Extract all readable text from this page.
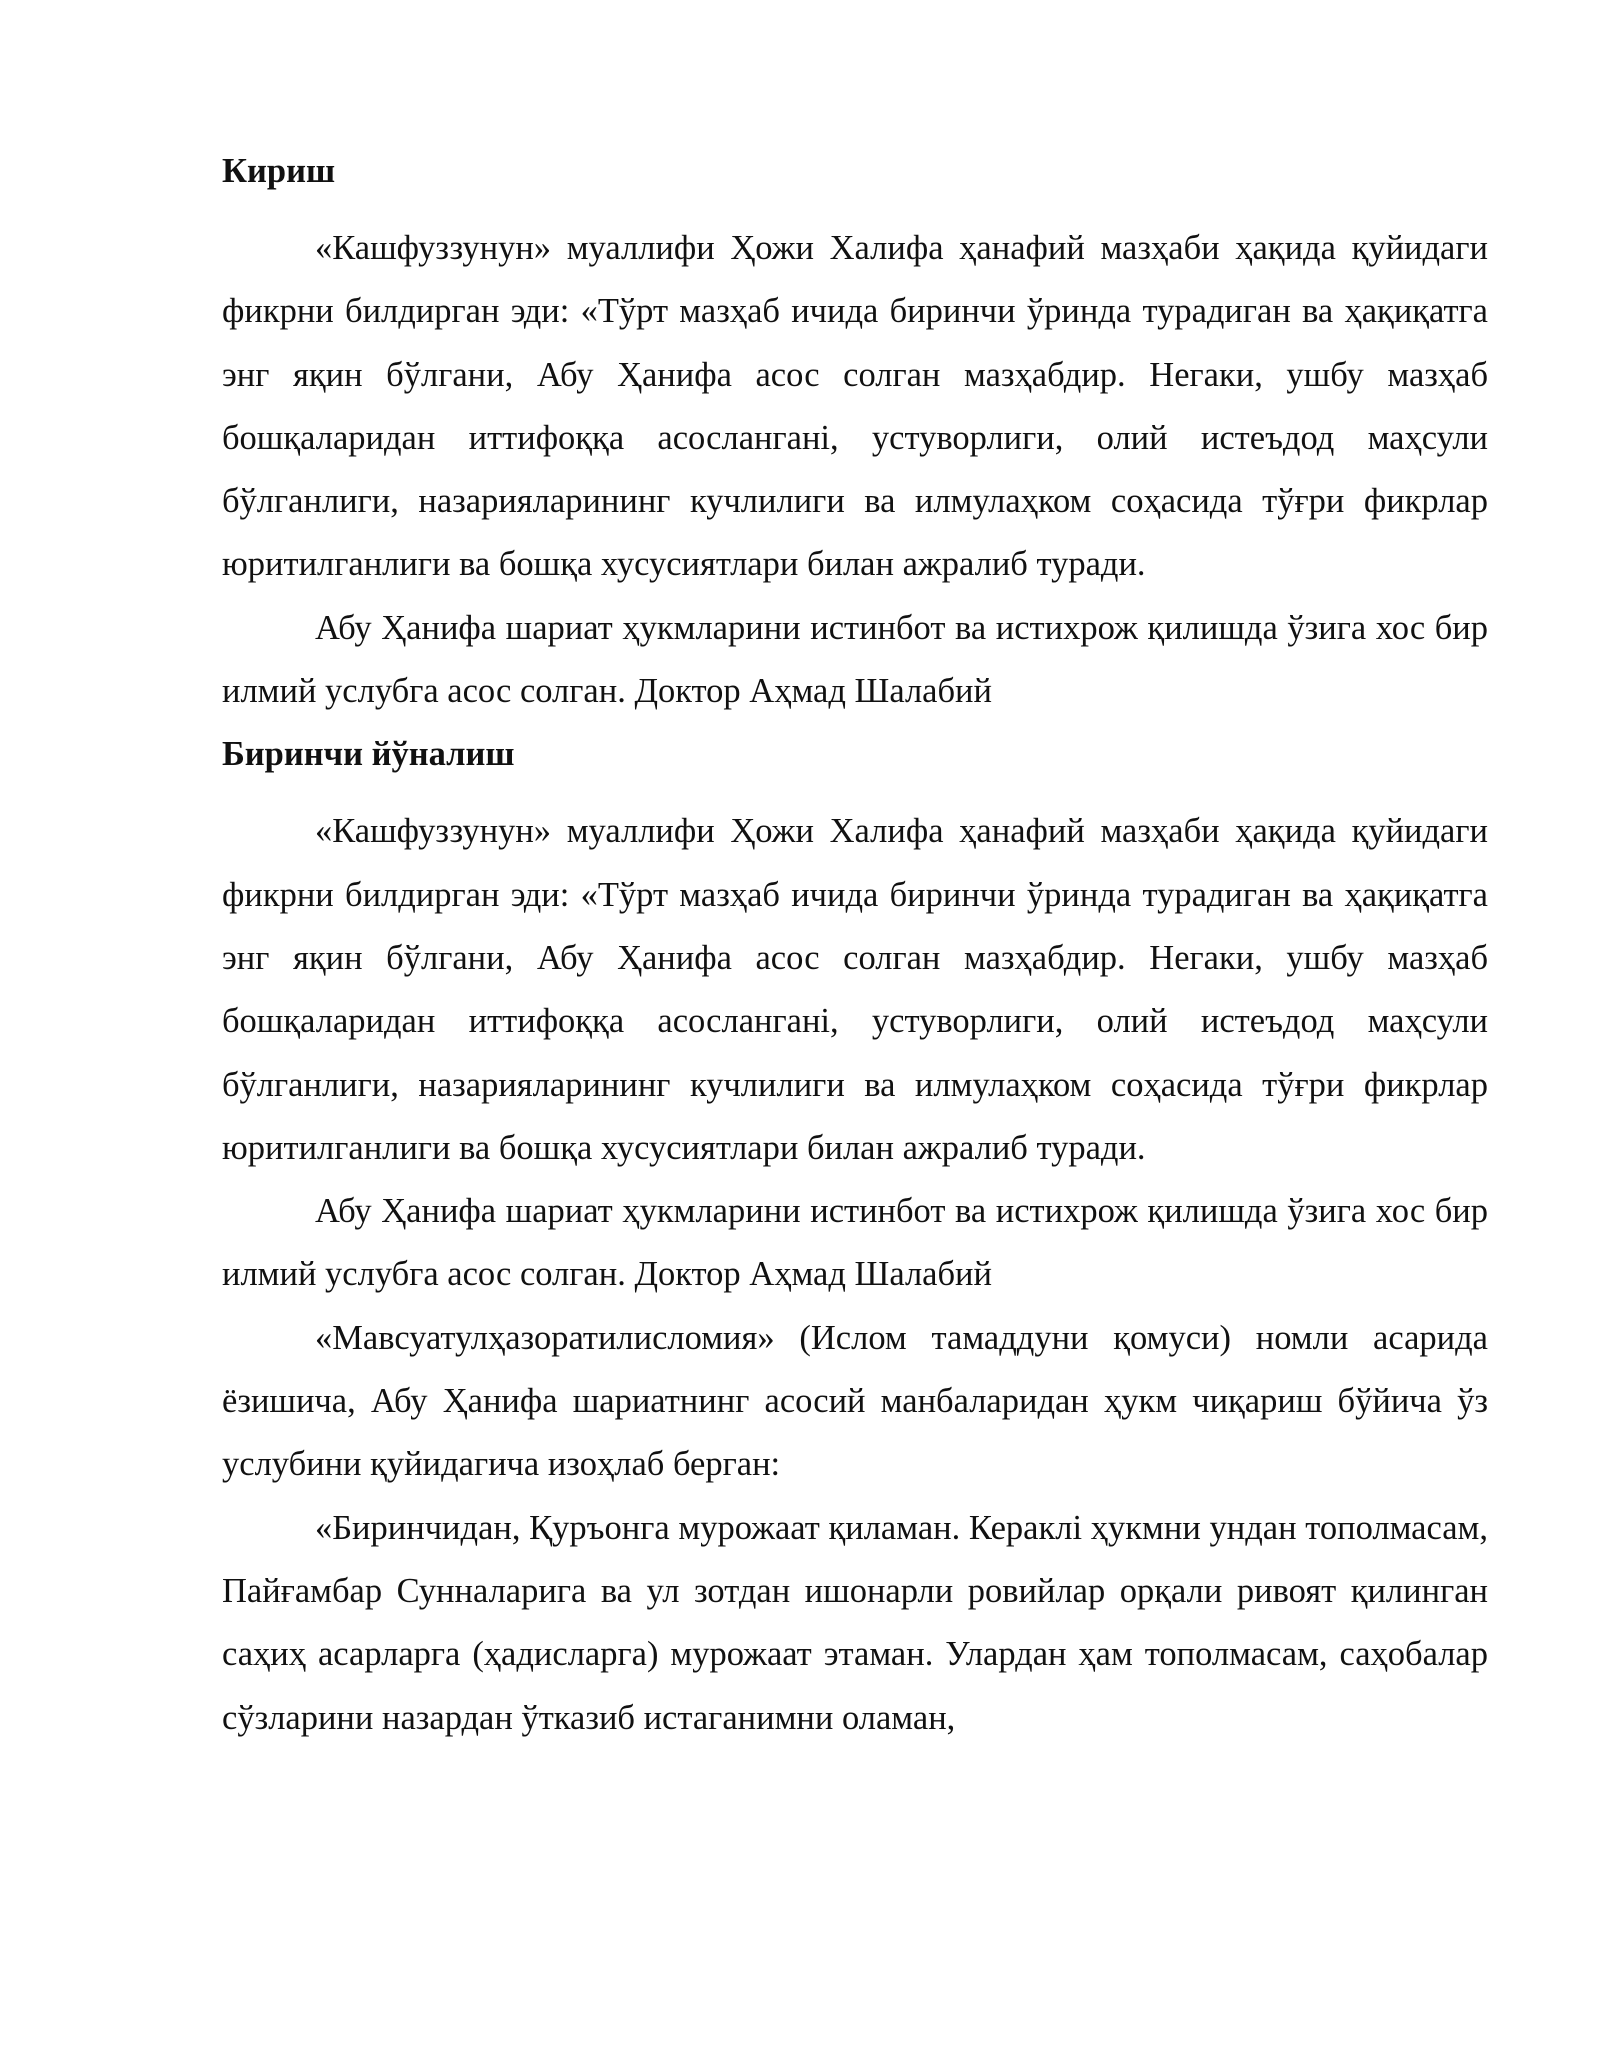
Кириш

«Кашфуззунун» муаллифи Ҳожи Халифа ҳанафий мазҳаби ҳақида қуйидаги фикрни билдирган эди: «Тўрт мазҳаб ичида биринчи ўринда турадиган ва ҳақиқатга энг яқин бўлгани, Абу Ҳанифа асос солган мазҳабдир. Негаки, ушбу мазҳаб бошқаларидан иттифоққа асосланганi, устуворлиги, олий истеъдод маҳсули бўлганлиги, назарияларининг кучлилиги ва илмулаҳком соҳасида тўғри фикрлар юритилганлиги ва бошқа хусусиятлари билан ажралиб туради.

Абу Ҳанифа шариат ҳукмларини истинбот ва истихрож қилишда ўзига хос бир илмий услубга асос солган. Доктор Аҳмад Шалабий

Биринчи йўналиш

«Кашфуззунун» муаллифи Ҳожи Халифа ҳанафий мазҳаби ҳақида қуйидаги фикрни билдирган эди: «Тўрт мазҳаб ичида биринчи ўринда турадиган ва ҳақиқатга энг яқин бўлгани, Абу Ҳанифа асос солган мазҳабдир. Негаки, ушбу мазҳаб бошқаларидан иттифоққа асосланганi, устуворлиги, олий истеъдод маҳсули бўлганлиги, назарияларининг кучлилиги ва илмулаҳком соҳасида тўғри фикрлар юритилганлиги ва бошқа хусусиятлари билан ажралиб туради.

Абу Ҳанифа шариат ҳукмларини истинбот ва истихрож қилишда ўзига хос бир илмий услубга асос солган. Доктор Аҳмад Шалабий

«Мавсуатулҳазоратилисломия» (Ислом тамаддуни қомуси) номли асарида ёзишича, Абу Ҳанифа шариатнинг асосий манбаларидан ҳукм чиқариш бўйича ўз услубини қуйидагича изоҳлаб берган:

«Биринчидан, Қуръонга мурожаат қиламан. Кераклi ҳукмни ундан тополмасам, Пайғамбар Сунналарига ва ул зотдан ишонарли ровийлар орқали ривоят қилинган саҳиҳ асарларга (ҳадисларга) мурожаат этаман. Улардан ҳам тополмасам, саҳобалар сўзларини назардан ўтказиб истаганимни оламан,
